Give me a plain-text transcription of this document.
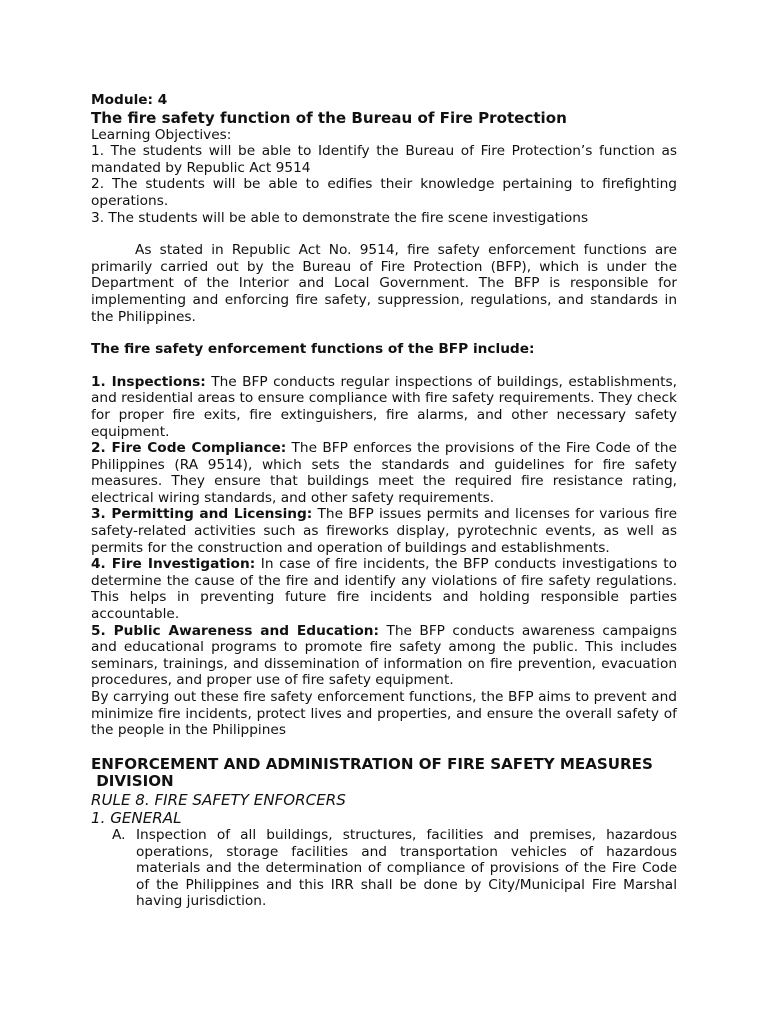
Module: 4

The fire safety function of the Bureau of Fire Protection

Learning Objectives:

1. The students will be able to Identify the Bureau of Fire Protection’s function as mandated by Republic Act 9514

2. The students will be able to edifies their knowledge pertaining to firefighting operations.

3. The students will be able to demonstrate the fire scene investigations

As stated in Republic Act No. 9514, fire safety enforcement functions are primarily carried out by the Bureau of Fire Protection (BFP), which is under the Department of the Interior and Local Government. The BFP is responsible for implementing and enforcing fire safety, suppression, regulations, and standards in the Philippines.

The fire safety enforcement functions of the BFP include:

1. Inspections: The BFP conducts regular inspections of buildings, establishments, and residential areas to ensure compliance with fire safety requirements. They check for proper fire exits, fire extinguishers, fire alarms, and other necessary safety equipment.

2. Fire Code Compliance: The BFP enforces the provisions of the Fire Code of the Philippines (RA 9514), which sets the standards and guidelines for fire safety measures. They ensure that buildings meet the required fire resistance rating, electrical wiring standards, and other safety requirements.

3. Permitting and Licensing: The BFP issues permits and licenses for various fire safety-related activities such as fireworks display, pyrotechnic events, as well as permits for the construction and operation of buildings and establishments.

4. Fire Investigation: In case of fire incidents, the BFP conducts investigations to determine the cause of the fire and identify any violations of fire safety regulations. This helps in preventing future fire incidents and holding responsible parties accountable.

5. Public Awareness and Education: The BFP conducts awareness campaigns and educational programs to promote fire safety among the public. This includes seminars, trainings, and dissemination of information on fire prevention, evacuation procedures, and proper use of fire safety equipment.

By carrying out these fire safety enforcement functions, the BFP aims to prevent and minimize fire incidents, protect lives and properties, and ensure the overall safety of the people in the Philippines

ENFORCEMENT AND ADMINISTRATION OF FIRE SAFETY MEASURES
DIVISION

RULE 8. FIRE SAFETY ENFORCERS

1. GENERAL

A. Inspection of all buildings, structures, facilities and premises, hazardous operations, storage facilities and transportation vehicles of hazardous materials and the determination of compliance of provisions of the Fire Code of the Philippines and this IRR shall be done by City/Municipal Fire Marshal having jurisdiction.
